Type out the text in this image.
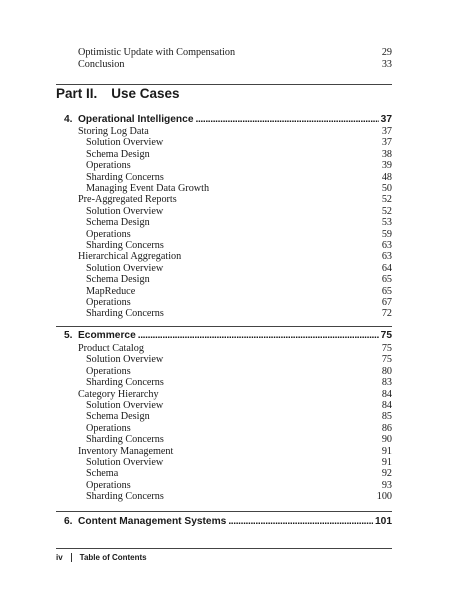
Optimistic Update with Compensation	29
Conclusion	33
Part II. Use Cases
4. Operational Intelligence . . .	37
Storing Log Data	37
Solution Overview	37
Schema Design	38
Operations	39
Sharding Concerns	48
Managing Event Data Growth	50
Pre-Aggregated Reports	52
Solution Overview	52
Schema Design	53
Operations	59
Sharding Concerns	63
Hierarchical Aggregation	63
Solution Overview	64
Schema Design	65
MapReduce	65
Operations	67
Sharding Concerns	72
5. Ecommerce . . .	75
Product Catalog	75
Solution Overview	75
Operations	80
Sharding Concerns	83
Category Hierarchy	84
Solution Overview	84
Schema Design	85
Operations	86
Sharding Concerns	90
Inventory Management	91
Solution Overview	91
Schema	92
Operations	93
Sharding Concerns	100
6. Content Management Systems . . .	101
iv Table of Contents
